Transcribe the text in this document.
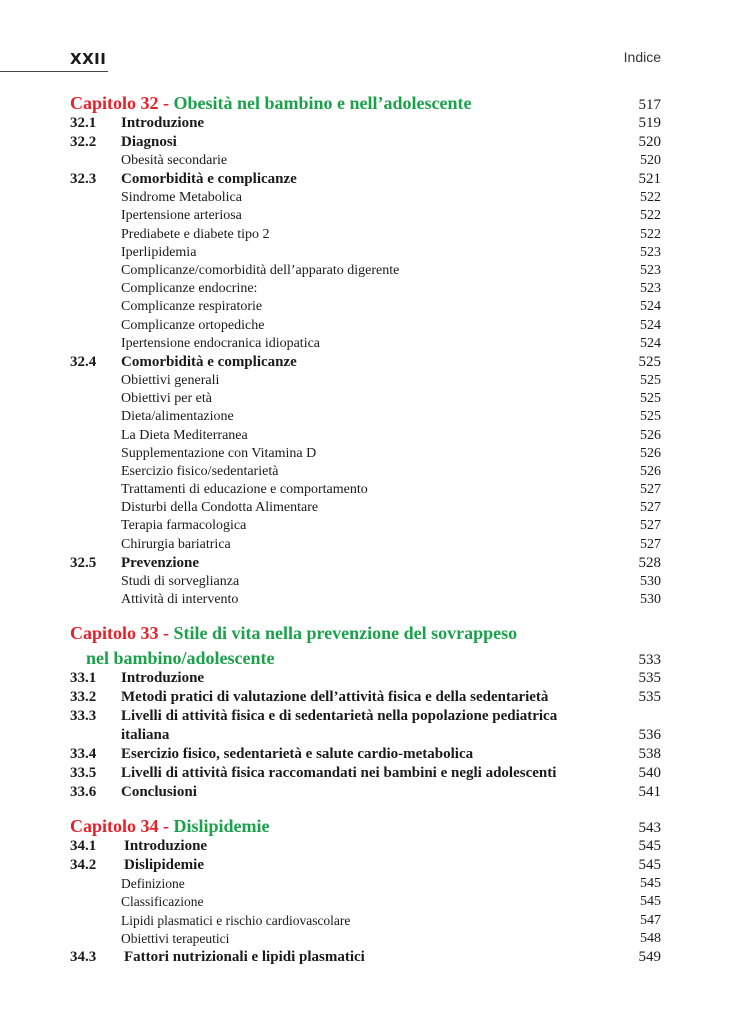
XXII	Indice
Capitolo 32 - Obesità nel bambino e nell’adolescente	517
32.1	Introduzione	519
32.2	Diagnosi	520
Obesità secondarie	520
32.3	Comorbidità e complicanze	521
Sindrome Metabolica	522
Ipertensione arteriosa	522
Prediabete e diabete tipo 2	522
Iperlipidemia	523
Complicanze/comorbidità dell’apparato digerente	523
Complicanze endocrine:	523
Complicanze respiratorie	524
Complicanze ortopediche	524
Ipertensione endocranica idiopatica	524
32.4	Comorbidità e complicanze	525
Obiettivi generali	525
Obiettivi per età	525
Dieta/alimentazione	525
La Dieta Mediterranea	526
Supplementazione con Vitamina D	526
Esercizio fisico/sedentarietà	526
Trattamenti di educazione e comportamento	527
Disturbi della Condotta Alimentare	527
Terapia farmacologica	527
Chirurgia bariatrica	527
32.5	Prevenzione	528
Studi di sorveglianza	530
Attività di intervento	530
Capitolo 33 - Stile di vita nella prevenzione del sovrappeso
nel bambino/adolescente	533
33.1	Introduzione	535
33.2	Metodi pratici di valutazione dell’attività fisica e della sedentarietà	535
33.3	Livelli di attività fisica e di sedentarietà nella popolazione pediatrica
italiana	536
33.4	Esercizio fisico, sedentarietà e salute cardio-metabolica	538
33.5	Livelli di attività fisica raccomandati nei bambini e negli adolescenti	540
33.6	Conclusioni	541
Capitolo 34 - Dislipidemie	543
34.1	Introduzione	545
34.2	Dislipidemie	545
Definizione	545
Classificazione	545
Lipidi plasmatici e rischio cardiovascolare	547
Obiettivi terapeutici	548
34.3	Fattori nutrizionali e lipidi plasmatici	549
